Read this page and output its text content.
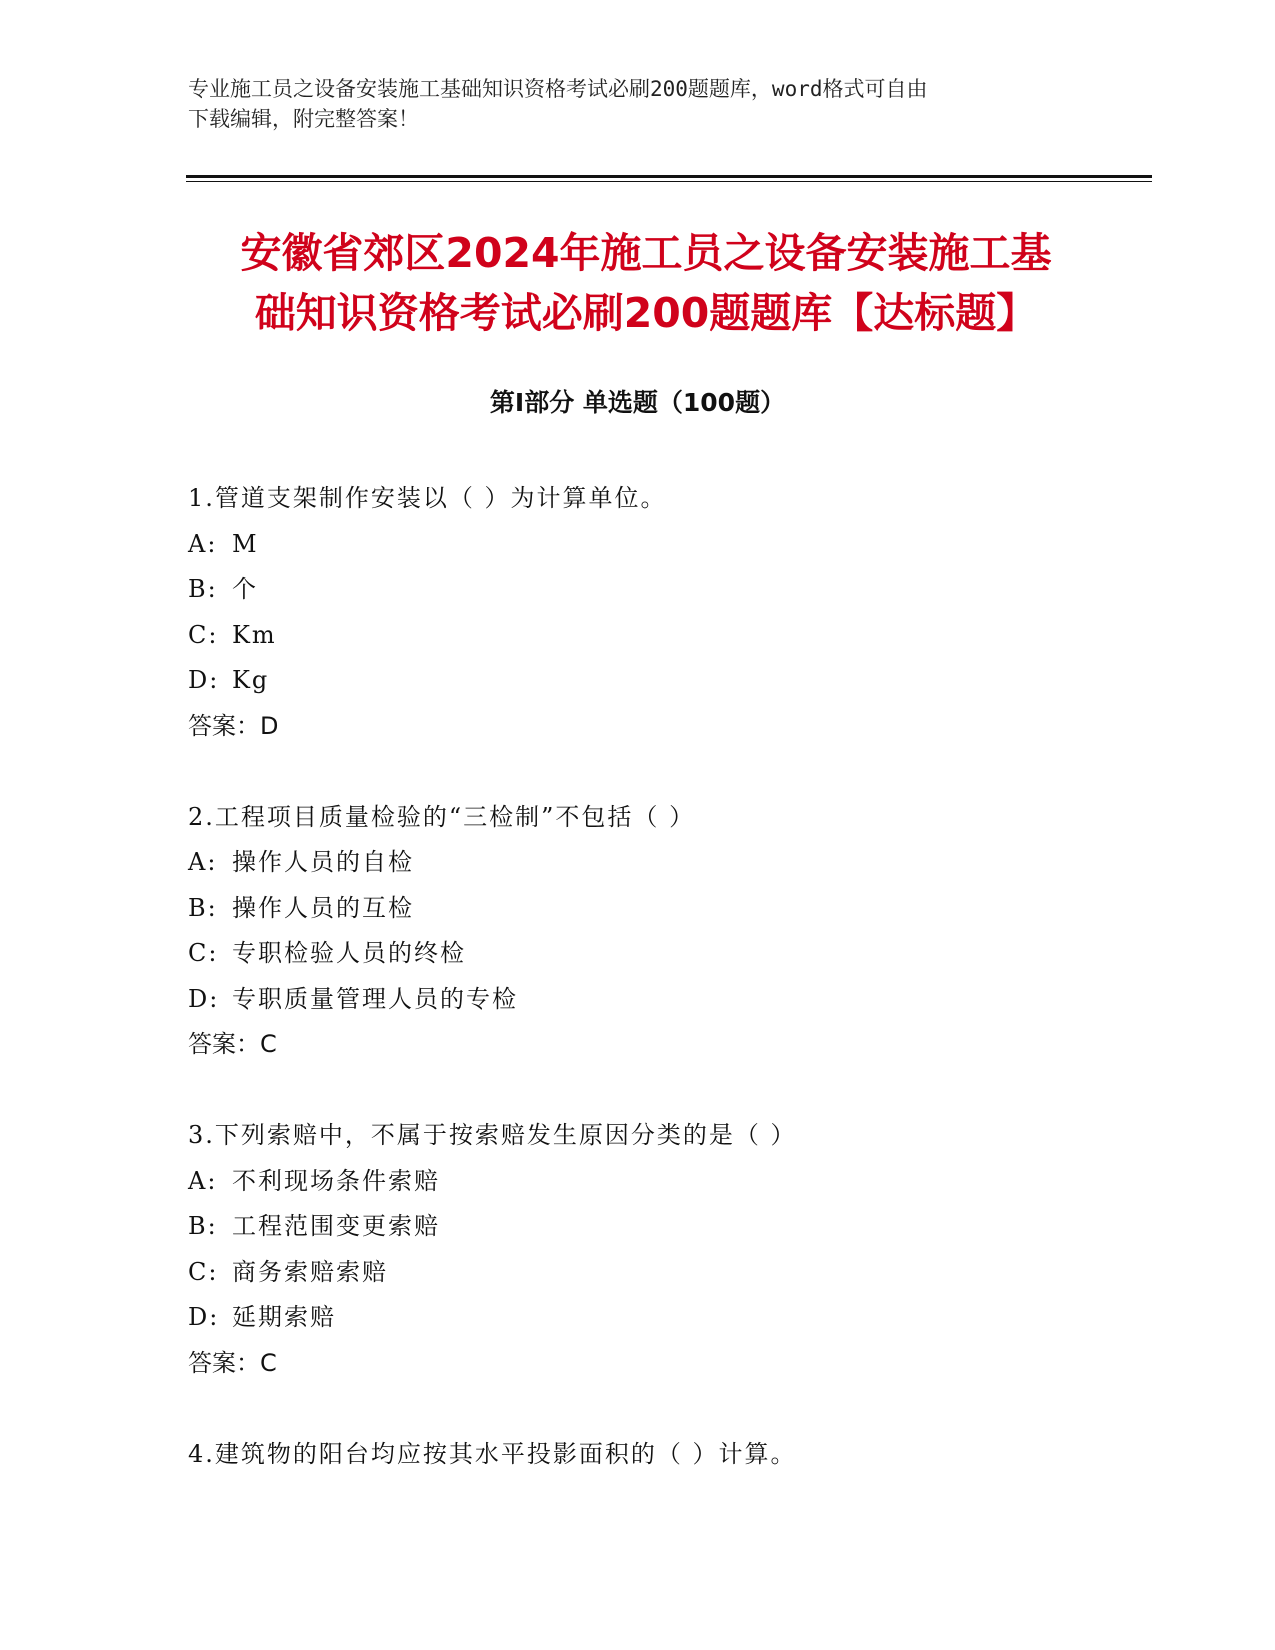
专业施工员之设备安装施工基础知识资格考试必刷200题题库，word格式可自由
下载编辑，附完整答案！
安徽省郊区2024年施工员之设备安装施工基
础知识资格考试必刷200题题库【达标题】
第I部分 单选题（100题）
1.管道支架制作安装以（ ）为计算单位。
A: M
B: 个
C: Km
D: Kg
答案：D
2.工程项目质量检验的“三检制”不包括（ ）
A: 操作人员的自检
B: 操作人员的互检
C: 专职检验人员的终检
D: 专职质量管理人员的专检
答案：C
3.下列索赔中，不属于按索赔发生原因分类的是（ ）
A: 不利现场条件索赔
B: 工程范围变更索赔
C: 商务索赔索赔
D: 延期索赔
答案：C
4.建筑物的阳台均应按其水平投影面积的（ ）计算。
